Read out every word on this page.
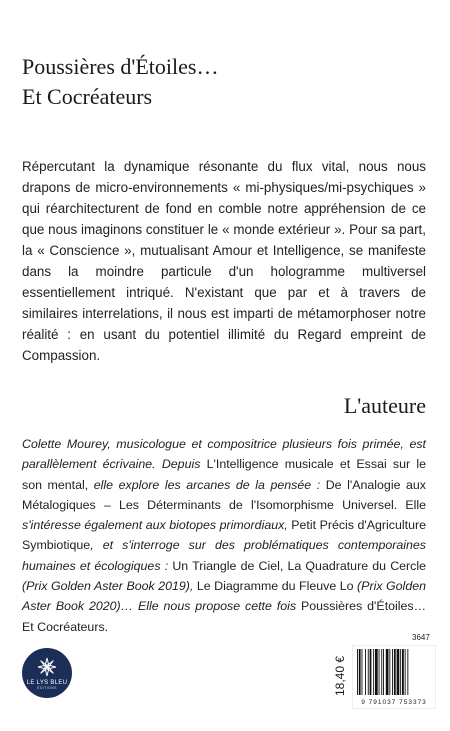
Poussières d'Étoiles…
Et Cocréateurs
Répercutant la dynamique résonante du flux vital, nous nous drapons de micro-environnements « mi-physiques/mi-psychiques » qui réarchitecturent de fond en comble notre appréhension de ce que nous imaginons constituer le « monde extérieur ». Pour sa part, la « Conscience », mutualisant Amour et Intelligence, se manifeste dans la moindre particule d'un hologramme multiversel essentiellement intriqué. N'existant que par et à travers de similaires interrelations, il nous est imparti de métamorphoser notre réalité : en usant du potentiel illimité du Regard empreint de Compassion.
L'auteure
Colette Mourey, musicologue et compositrice plusieurs fois primée, est parallèlement écrivaine. Depuis L'Intelligence musicale et Essai sur le son mental, elle explore les arcanes de la pensée : De l'Analogie aux Métalogiques – Les Déterminants de l'Isomorphisme Universel. Elle s'intéresse également aux biotopes primordiaux, Petit Précis d'Agriculture Symbiotique, et s'interroge sur des problématiques contemporaines humaines et écologiques : Un Triangle de Ciel, La Quadrature du Cercle (Prix Golden Aster Book 2019), Le Diagramme du Fleuve Lo (Prix Golden Aster Book 2020)… Elle nous propose cette fois Poussières d'Étoiles… Et Cocréateurs.
LE LYS BLEU
ÉDITIONS
3647
18,40 €
9 791037 753373
